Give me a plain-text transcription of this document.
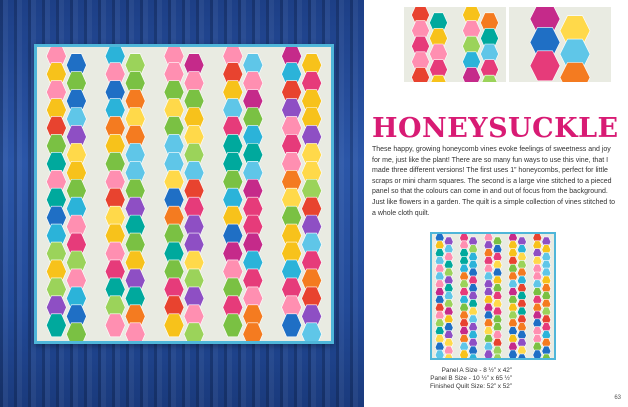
HONEYSUCKLE

These happy, growing honeycomb vines evoke feelings of sweetness and joy for me, just like the plant! There are so many fun ways to use this vine, that I made three different versions! The first uses 1” honeycombs, perfect for little scraps or mini charm squares. The second is a large vine stitched to a pieced panel so that the colours can come in and out of focus from the background. Just like flowers in a garden. The quilt is a simple collection of vines stitched to a whole cloth quilt.

Panel A Size - 8 ½” x 42”
Panel B Size - 10 ½” x 65 ½”
Finished Quilt Size: 52” x 52”
63
